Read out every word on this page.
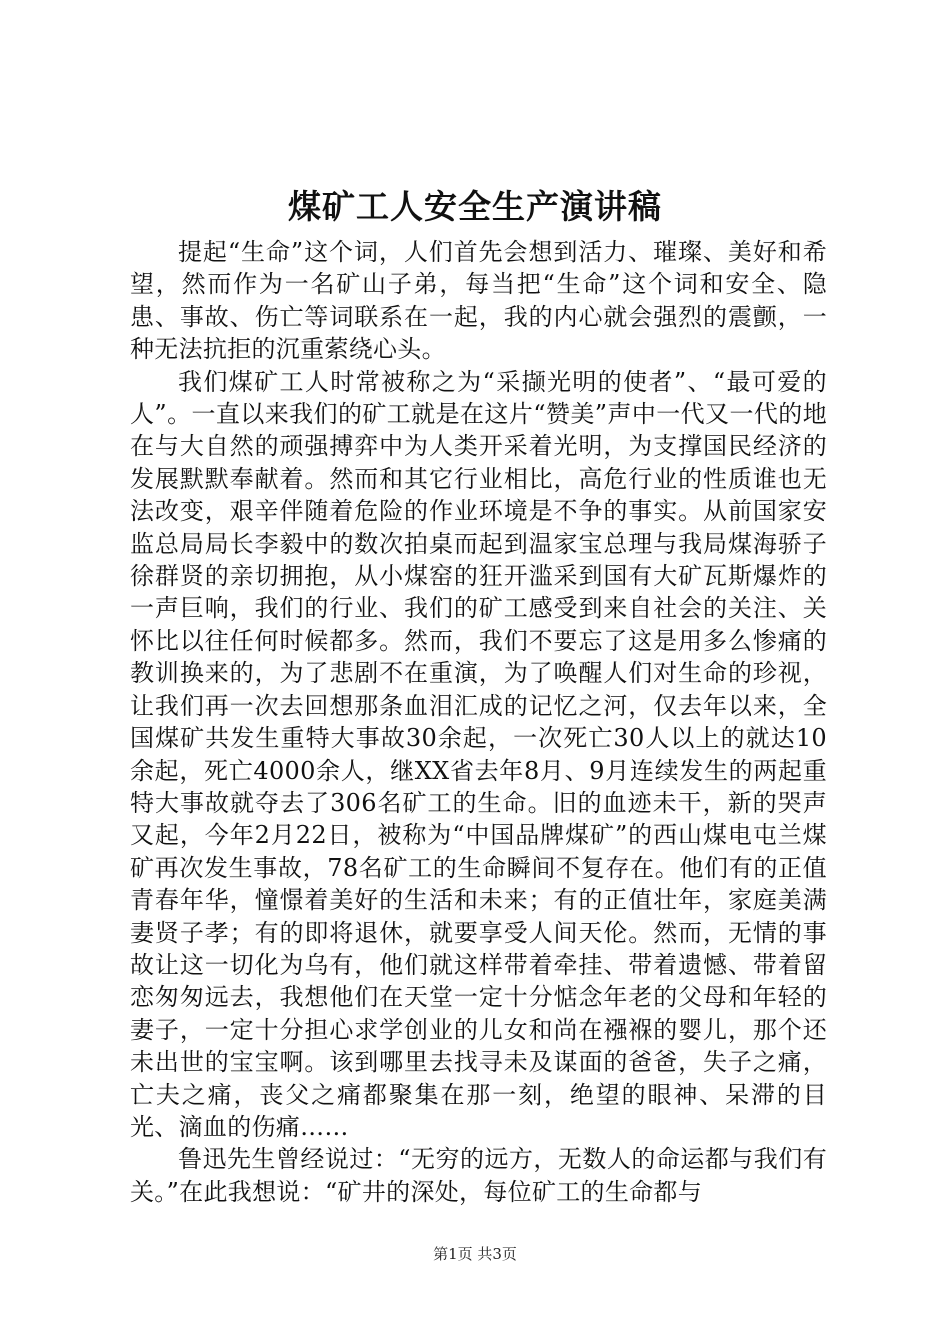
煤矿工人安全生产演讲稿

提起“生命”这个词，人们首先会想到活力、璀璨、美好和希望，然而作为一名矿山子弟，每当把“生命”这个词和安全、隐患、事故、伤亡等词联系在一起，我的内心就会强烈的震颤，一种无法抗拒的沉重萦绕心头。

我们煤矿工人时常被称之为“采撷光明的使者”、“最可爱的人”。一直以来我们的矿工就是在这片“赞美”声中一代又一代的地在与大自然的顽强搏弈中为人类开采着光明，为支撑国民经济的发展默默奉献着。然而和其它行业相比，高危行业的性质谁也无法改变，艰辛伴随着危险的作业环境是不争的事实。从前国家安监总局局长李毅中的数次拍桌而起到温家宝总理与我局煤海骄子徐群贤的亲切拥抱，从小煤窑的狂开滥采到国有大矿瓦斯爆炸的一声巨响，我们的行业、我们的矿工感受到来自社会的关注、关怀比以往任何时候都多。然而，我们不要忘了这是用多么惨痛的教训换来的，为了悲剧不在重演，为了唤醒人们对生命的珍视，让我们再一次去回想那条血泪汇成的记忆之河，仅去年以来，全国煤矿共发生重特大事故30余起，一次死亡30人以上的就达10余起，死亡4000余人，继XX省去年8月、9月连续发生的两起重特大事故就夺去了306名矿工的生命。旧的血迹未干，新的哭声又起，今年2月22日，被称为“中国品牌煤矿”的西山煤电屯兰煤矿再次发生事故，78名矿工的生命瞬间不复存在。他们有的正值青春年华，憧憬着美好的生活和未来；有的正值壮年，家庭美满妻贤子孝；有的即将退休，就要享受人间天伦。然而，无情的事故让这一切化为乌有，他们就这样带着牵挂、带着遗憾、带着留恋匆匆远去，我想他们在天堂一定十分惦念年老的父母和年轻的妻子，一定十分担心求学创业的儿女和尚在襁褓的婴儿，那个还未出世的宝宝啊。该到哪里去找寻未及谋面的爸爸，失子之痛，亡夫之痛，丧父之痛都聚集在那一刻，绝望的眼神、呆滞的目光、滴血的伤痛……

鲁迅先生曾经说过：“无穷的远方，无数人的命运都与我们有关。”在此我想说：“矿井的深处，每位矿工的生命都与

第1页 共3页
